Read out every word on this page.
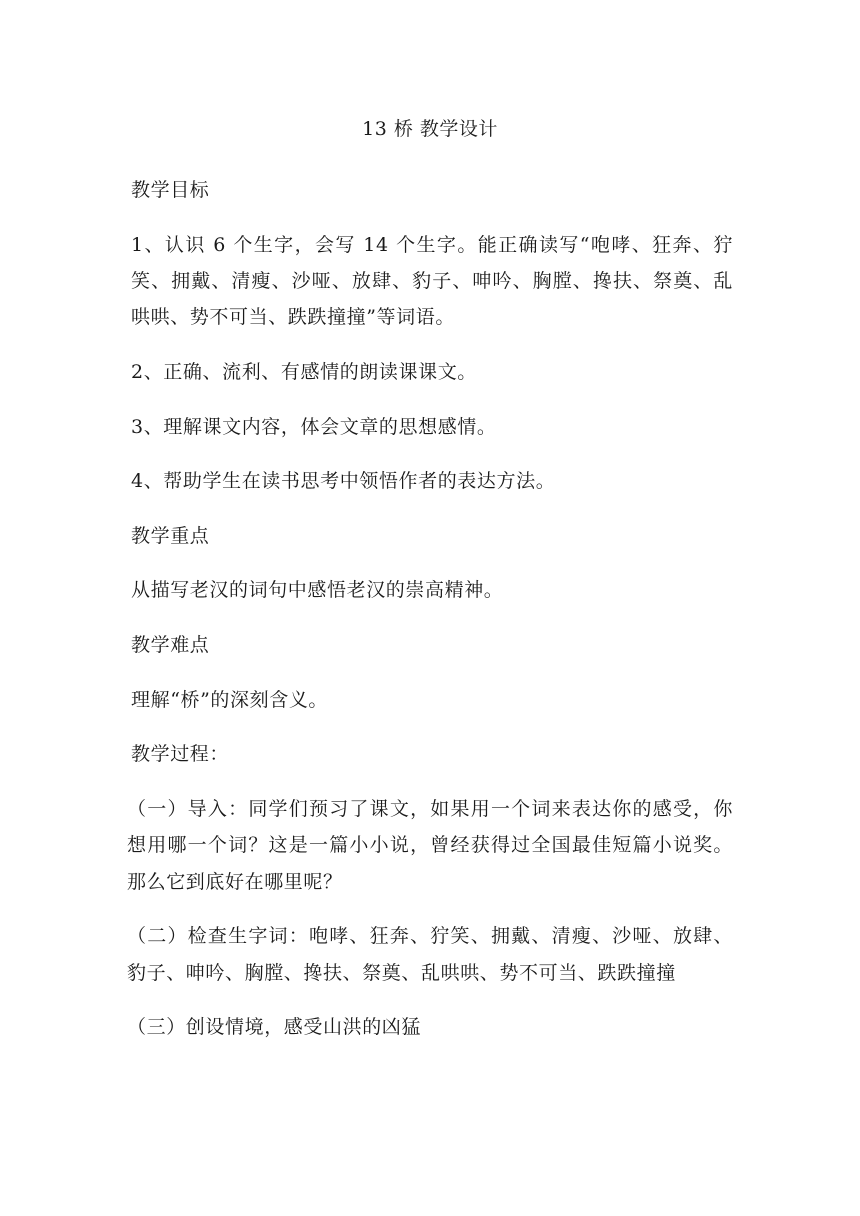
13 桥 教学设计

教学目标

1、认识 6 个生字，会写 14 个生字。能正确读写“咆哮、狂奔、狞笑、拥戴、清瘦、沙哑、放肆、豹子、呻吟、胸膛、搀扶、祭奠、乱哄哄、势不可当、跌跌撞撞”等词语。

2、正确、流利、有感情的朗读课课文。

3、理解课文内容，体会文章的思想感情。

4、帮助学生在读书思考中领悟作者的表达方法。

教学重点

从描写老汉的词句中感悟老汉的崇高精神。

教学难点

理解“桥”的深刻含义。

教学过程：

（一）导入：同学们预习了课文，如果用一个词来表达你的感受，你想用哪一个词？这是一篇小小说，曾经获得过全国最佳短篇小说奖。那么它到底好在哪里呢？

（二）检查生字词：咆哮、狂奔、狞笑、拥戴、清瘦、沙哑、放肆、豹子、呻吟、胸膛、搀扶、祭奠、乱哄哄、势不可当、跌跌撞撞

（三）创设情境，感受山洪的凶猛
